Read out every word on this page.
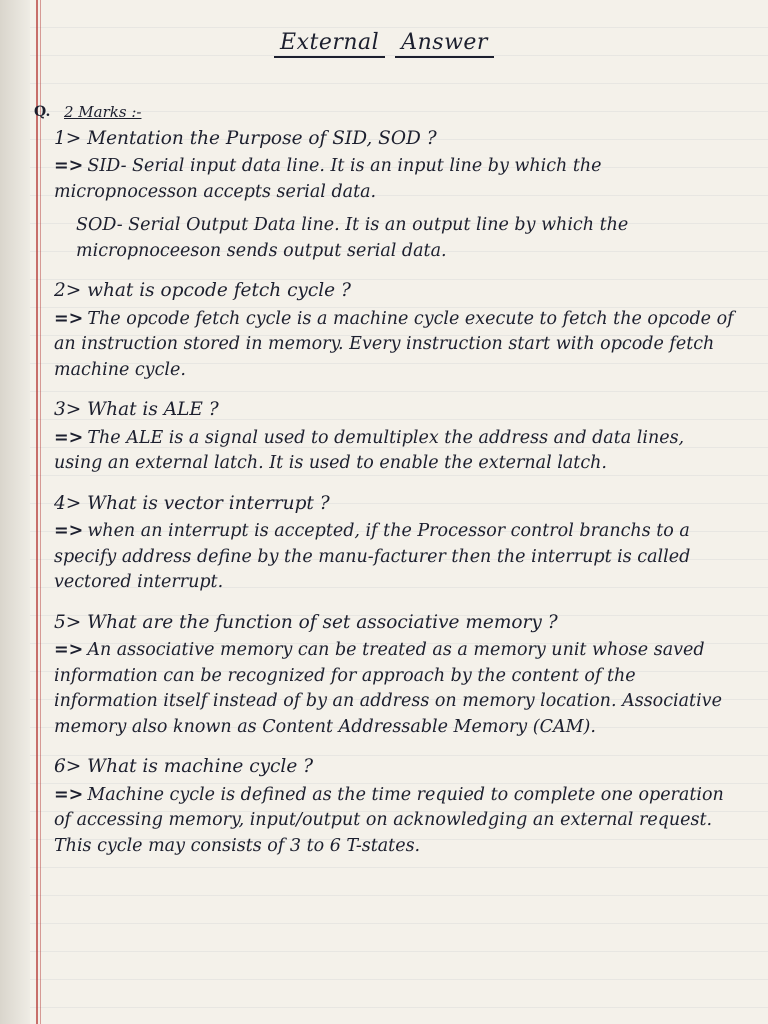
External Answer
Q. 2 Marks :-
1> Mentation the Purpose of SID, SOD ?

=> SID- Serial input data line. It is an input line by which the micropnocesson accepts serial data.

SOD- Serial Output Data line. It is an output line by which the micropnoceeson sends output serial data.

2> what is opcode fetch cycle ?

=> The opcode fetch cycle is a machine cycle execute to fetch the opcode of an instruction stored in memory. Every instruction start with opcode fetch machine cycle.

3> What is ALE ?

=> The ALE is a signal used to demultiplex the address and data lines, using an external latch. It is used to enable the external latch.

4> What is vector interrupt ?

=> when an interrupt is accepted, if the Processor control branchs to a specify address define by the manu-facturer then the interrupt is called vectored interrupt.

5> What are the function of set associative memory ?

=> An associative memory can be treated as a memory unit whose saved information can be recognized for approach by the content of the information itself instead of by an address on memory location. Associative memory also known as Content Addressable Memory (CAM).

6> What is machine cycle ?

=> Machine cycle is defined as the time requied to complete one operation of accessing memory, input/output on acknowledging an external request. This cycle may consists of 3 to 6 T-states.
